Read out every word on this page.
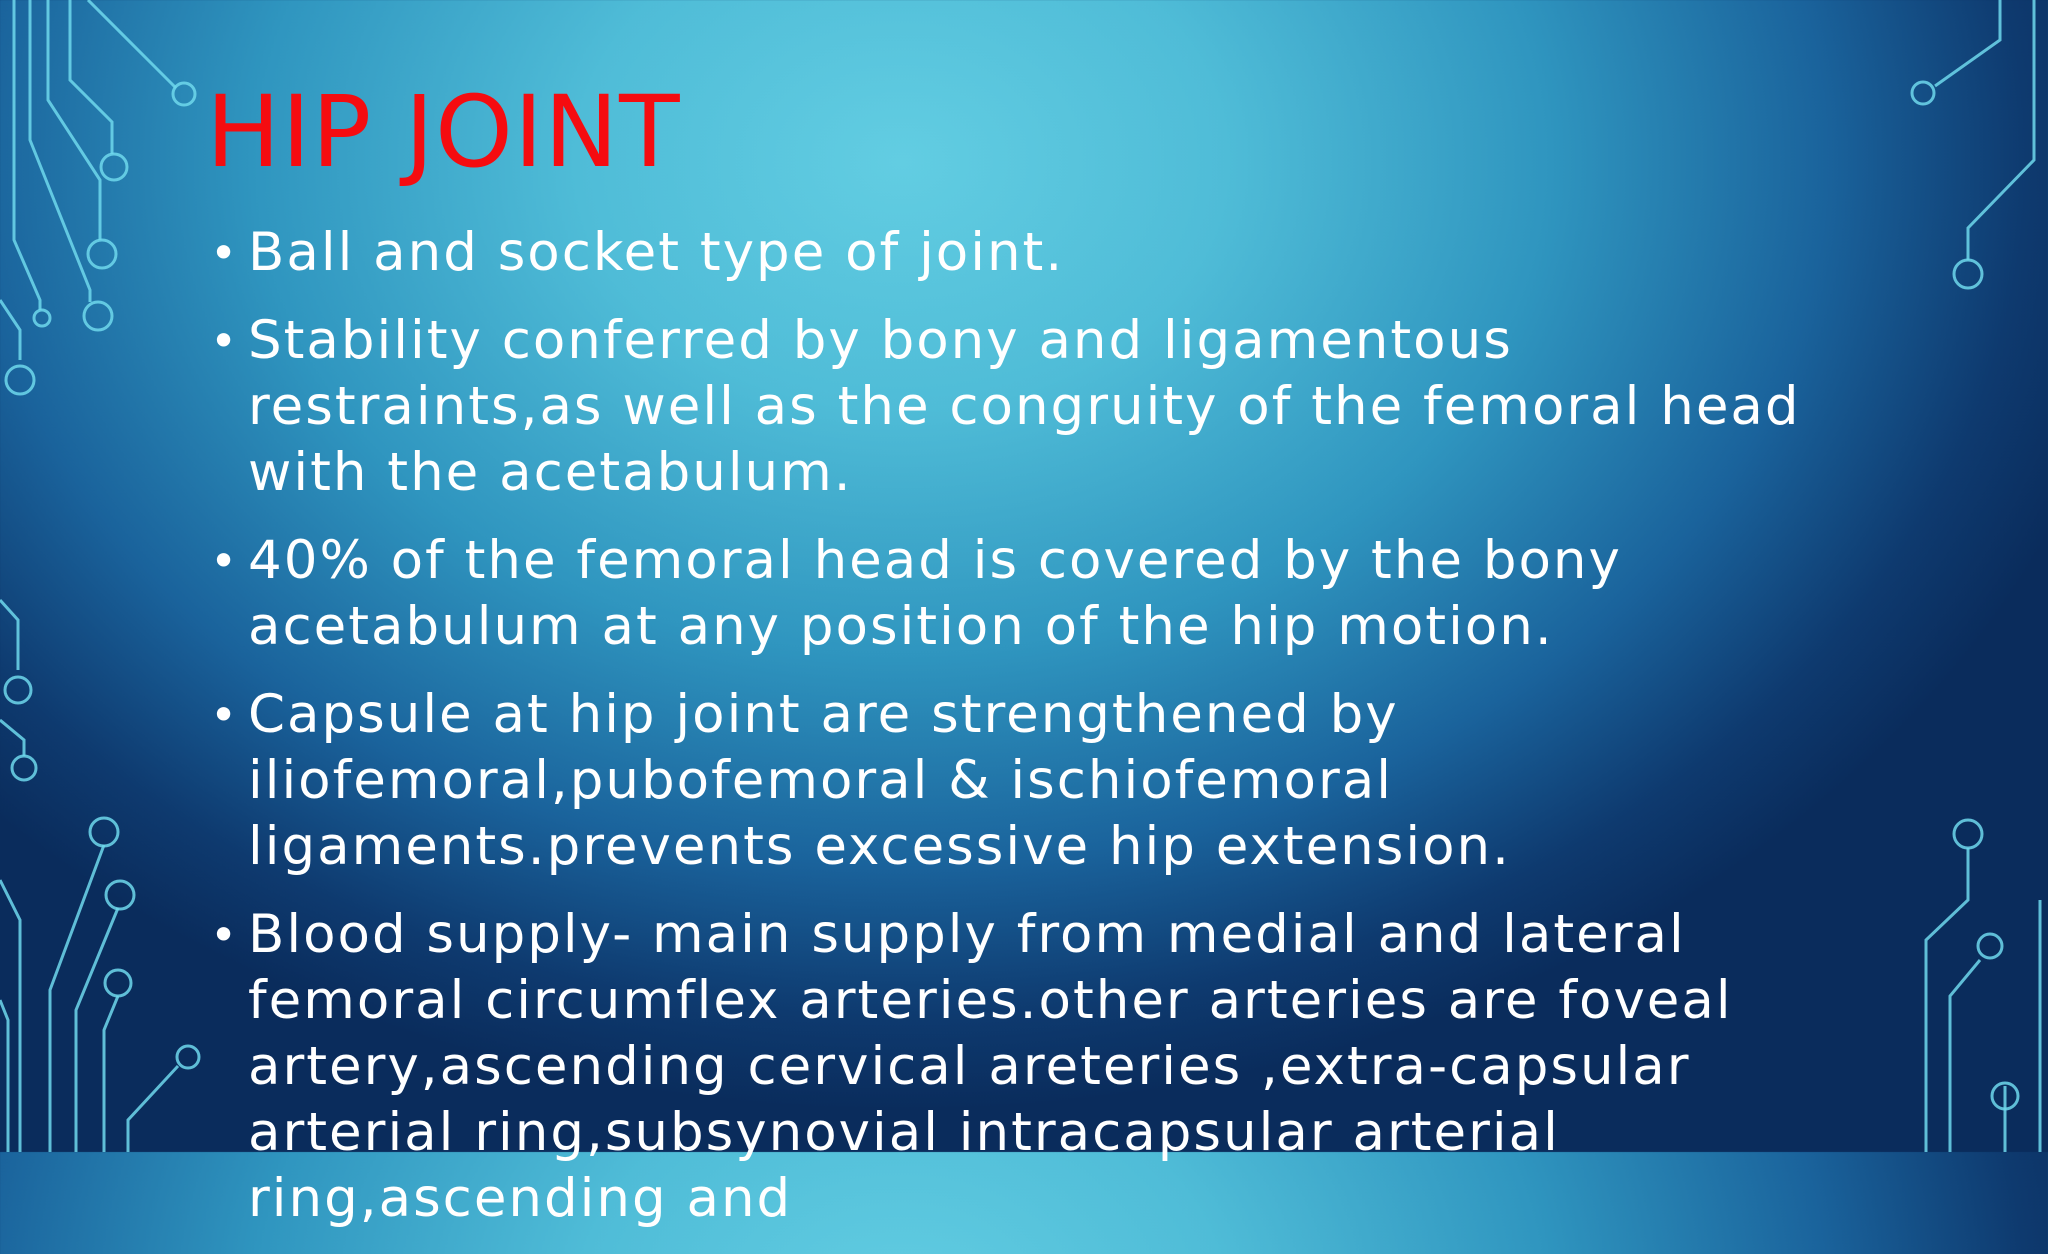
HIP JOINT
• Ball and socket type of joint.
• Stability conferred by bony and ligamentous restraints,as well as the congruity of the femoral head with the acetabulum.
• 40% of the femoral head is covered by the bony acetabulum at any position of the hip motion.
• Capsule at hip joint are strengthened by iliofemoral,pubofemoral & ischiofemoral ligaments.prevents excessive hip extension.
• Blood supply- main supply from medial and lateral femoral circumflex arteries.other arteries are foveal artery,ascending cervical areteries ,extra-capsular arterial ring,subsynovial intracapsular arterial ring,ascending and
